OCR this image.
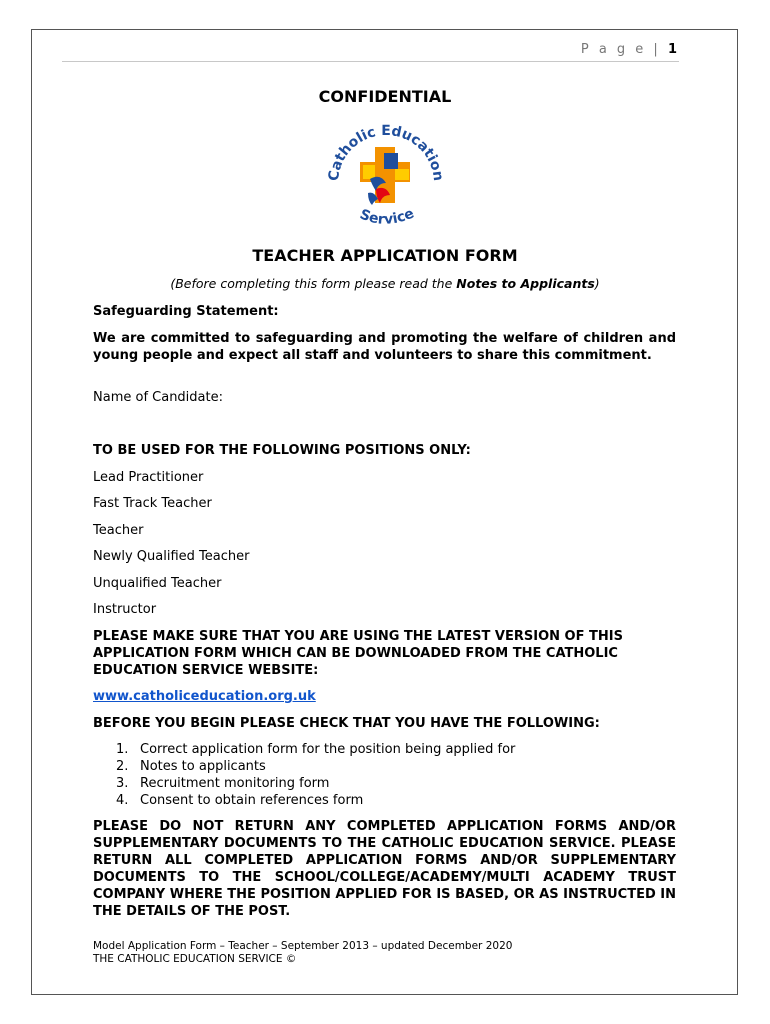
P a g e | 1
CONFIDENTIAL
Catholic Education
Service
TEACHER APPLICATION FORM
(Before completing this form please read the Notes to Applicants)
Safeguarding Statement:
We are committed to safeguarding and promoting the welfare of children and young people and expect all staff and volunteers to share this commitment.
Name of Candidate:
TO BE USED FOR THE FOLLOWING POSITIONS ONLY:
Lead Practitioner
Fast Track Teacher
Teacher
Newly Qualified Teacher
Unqualified Teacher
Instructor
PLEASE MAKE SURE THAT YOU ARE USING THE LATEST VERSION OF THIS APPLICATION FORM WHICH CAN BE DOWNLOADED FROM THE CATHOLIC EDUCATION SERVICE WEBSITE:
www.catholiceducation.org.uk
BEFORE YOU BEGIN PLEASE CHECK THAT YOU HAVE THE FOLLOWING:
1. Correct application form for the position being applied for
2. Notes to applicants
3. Recruitment monitoring form
4. Consent to obtain references form
PLEASE DO NOT RETURN ANY COMPLETED APPLICATION FORMS AND/OR SUPPLEMENTARY DOCUMENTS TO THE CATHOLIC EDUCATION SERVICE. PLEASE RETURN ALL COMPLETED APPLICATION FORMS AND/OR SUPPLEMENTARY DOCUMENTS TO THE SCHOOL/COLLEGE/ACADEMY/MULTI ACADEMY TRUST COMPANY WHERE THE POSITION APPLIED FOR IS BASED, OR AS INSTRUCTED IN THE DETAILS OF THE POST.
Model Application Form – Teacher – September 2013 – updated December 2020
THE CATHOLIC EDUCATION SERVICE ©
